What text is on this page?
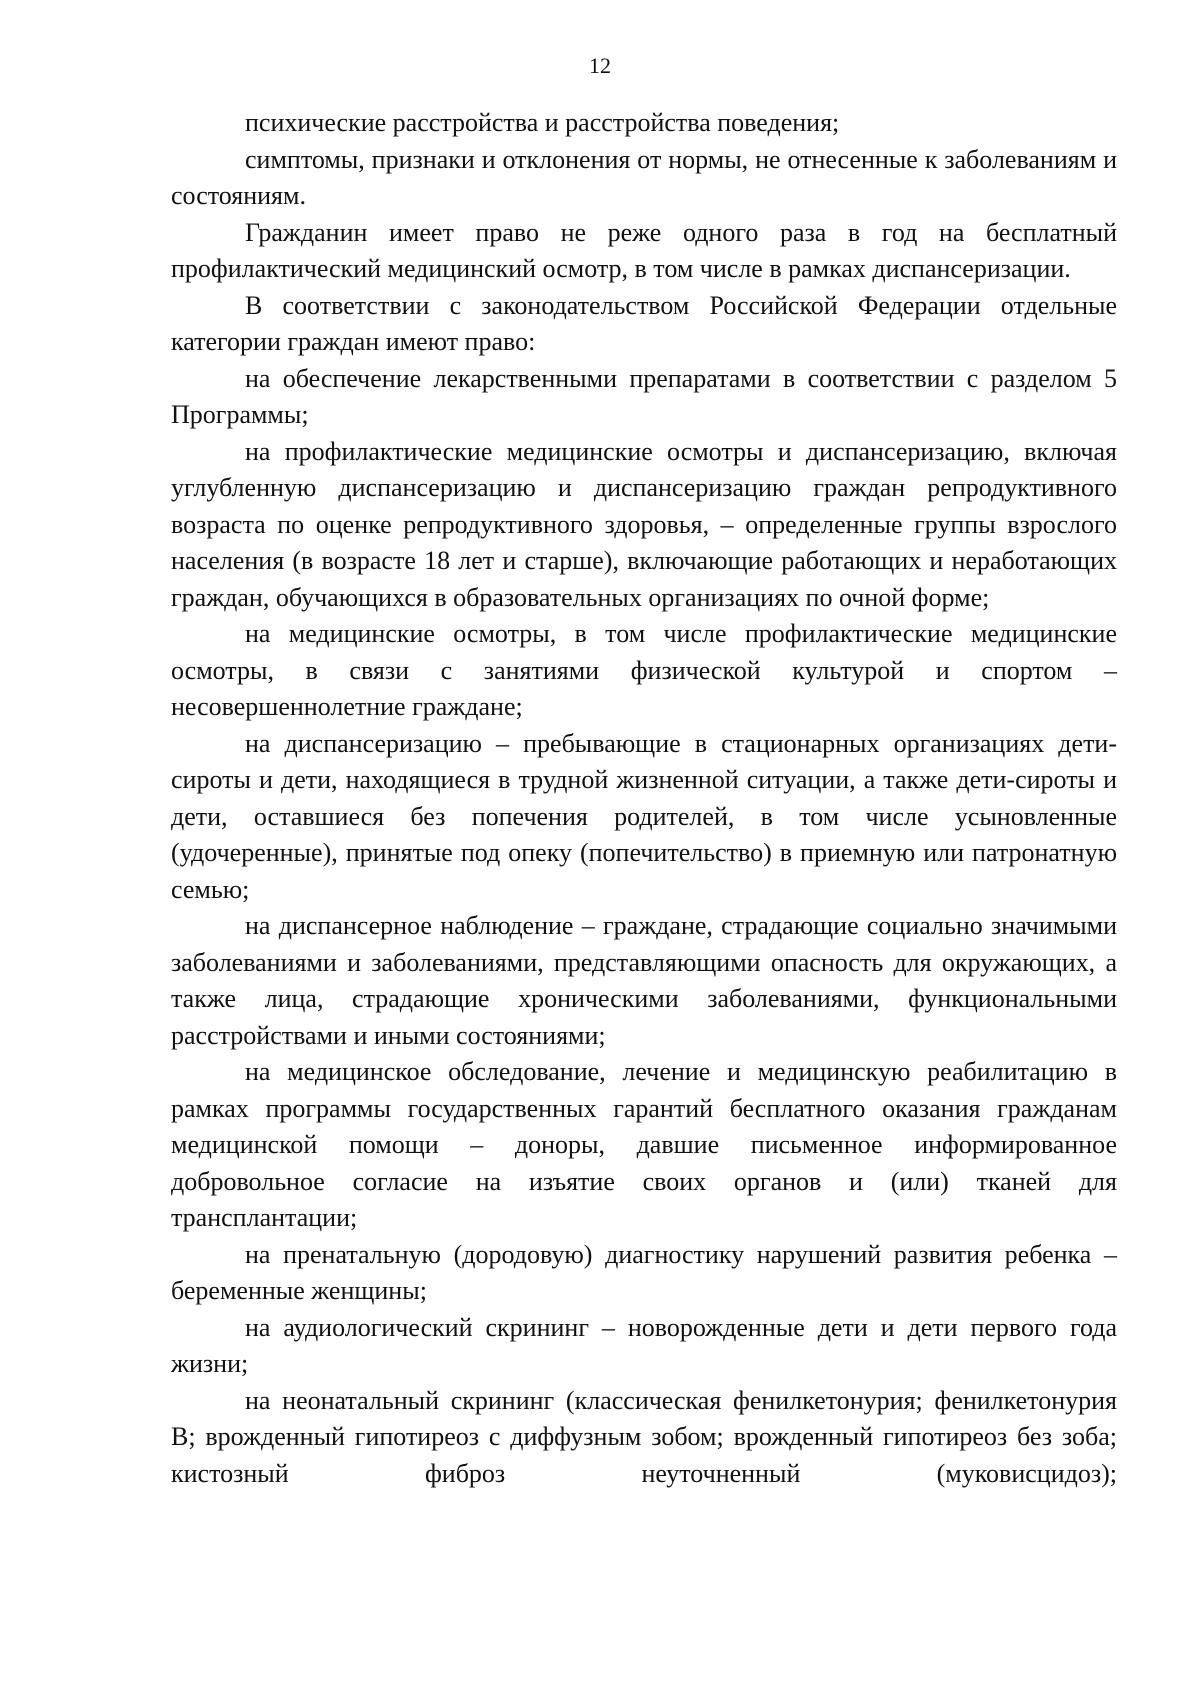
12

психические расстройства и расстройства поведения;

симптомы, признаки и отклонения от нормы, не отнесенные к заболеваниям и состояниям.

Гражданин имеет право не реже одного раза в год на бесплатный профилактический медицинский осмотр, в том числе в рамках диспансеризации.

В соответствии с законодательством Российской Федерации отдельные категории граждан имеют право:

на обеспечение лекарственными препаратами в соответствии с разделом 5 Программы;

на профилактические медицинские осмотры и диспансеризацию, включая углубленную диспансеризацию и диспансеризацию граждан репродуктивного возраста по оценке репродуктивного здоровья, – определенные группы взрослого населения (в возрасте 18 лет и старше), включающие работающих и неработающих граждан, обучающихся в образовательных организациях по очной форме;

на медицинские осмотры, в том числе профилактические медицинские осмотры, в связи с занятиями физической культурой и спортом – несовершеннолетние граждане;

на диспансеризацию – пребывающие в стационарных организациях дети-сироты и дети, находящиеся в трудной жизненной ситуации, а также дети-сироты и дети, оставшиеся без попечения родителей, в том числе усыновленные (удочеренные), принятые под опеку (попечительство) в приемную или патронатную семью;

на диспансерное наблюдение – граждане, страдающие социально значимыми заболеваниями и заболеваниями, представляющими опасность для окружающих, а также лица, страдающие хроническими заболеваниями, функциональными расстройствами и иными состояниями;

на медицинское обследование, лечение и медицинскую реабилитацию в рамках программы государственных гарантий бесплатного оказания гражданам медицинской помощи – доноры, давшие письменное информированное добровольное согласие на изъятие своих органов и (или) тканей для трансплантации;

на пренатальную (дородовую) диагностику нарушений развития ребенка – беременные женщины;

на аудиологический скрининг – новорожденные дети и дети первого года жизни;

на неонатальный скрининг (классическая фенилкетонурия; фенилкетонурия B; врожденный гипотиреоз с диффузным зобом; врожденный гипотиреоз без зоба; кистозный фиброз неуточненный (муковисцидоз);
